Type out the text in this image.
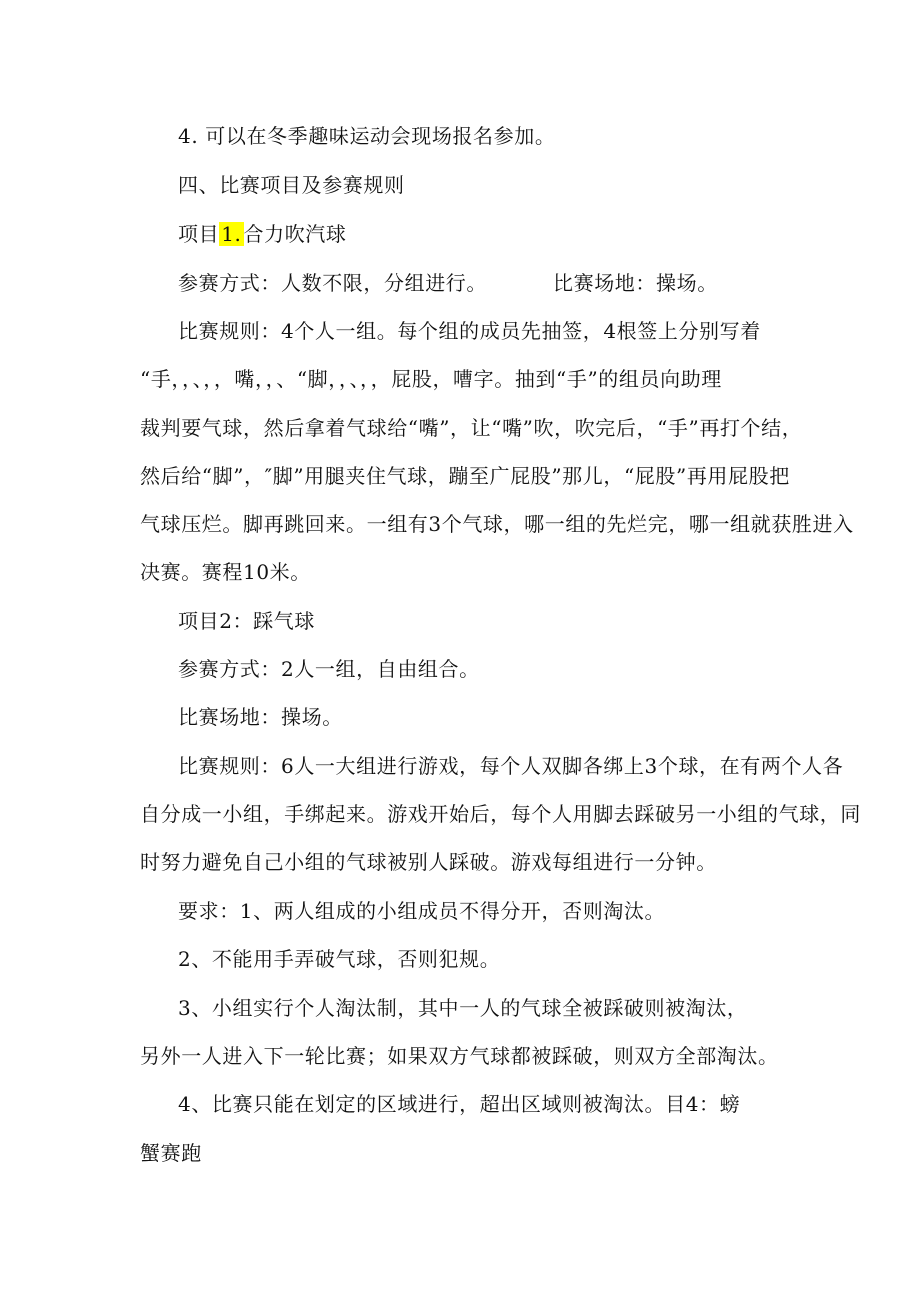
4. 可以在冬季趣味运动会现场报名参加。
四、比赛项目及参赛规则
项目 1. 合力吹汽球
参赛方式：人数不限，分组进行。	比赛场地：操场。
比赛规则：4个人一组。每个组的成员先抽签，4根签上分别写着
“手，，、，，嘴，，、“脚，，、，，屁股，嘈字。抽到“手”的组员向助理
裁判要气球，然后拿着气球给“嘴”，让“嘴”吹，吹完后，“手”再打个结，
然后给“脚”，″脚”用腿夹住气球，蹦至广屁股”那儿，“屁股”再用屁股把
气球压烂。脚再跳回来。一组有3个气球，哪一组的先烂完，哪一组就获胜进入
决赛。赛程10米。
项目2：踩气球
参赛方式：2人一组，自由组合。
比赛场地：操场。
比赛规则：6人一大组进行游戏，每个人双脚各绑上3个球，在有两个人各
自分成一小组，手绑起来。游戏开始后，每个人用脚去踩破另一小组的气球，同
时努力避免自己小组的气球被别人踩破。游戏每组进行一分钟。
要求：1、两人组成的小组成员不得分开，否则淘汰。
2、不能用手弄破气球，否则犯规。
3、小组实行个人淘汰制，其中一人的气球全被踩破则被淘汰，
另外一人进入下一轮比赛；如果双方气球都被踩破，则双方全部淘汰。
4、比赛只能在划定的区域进行，超出区域则被淘汰。目4：螃
蟹赛跑
